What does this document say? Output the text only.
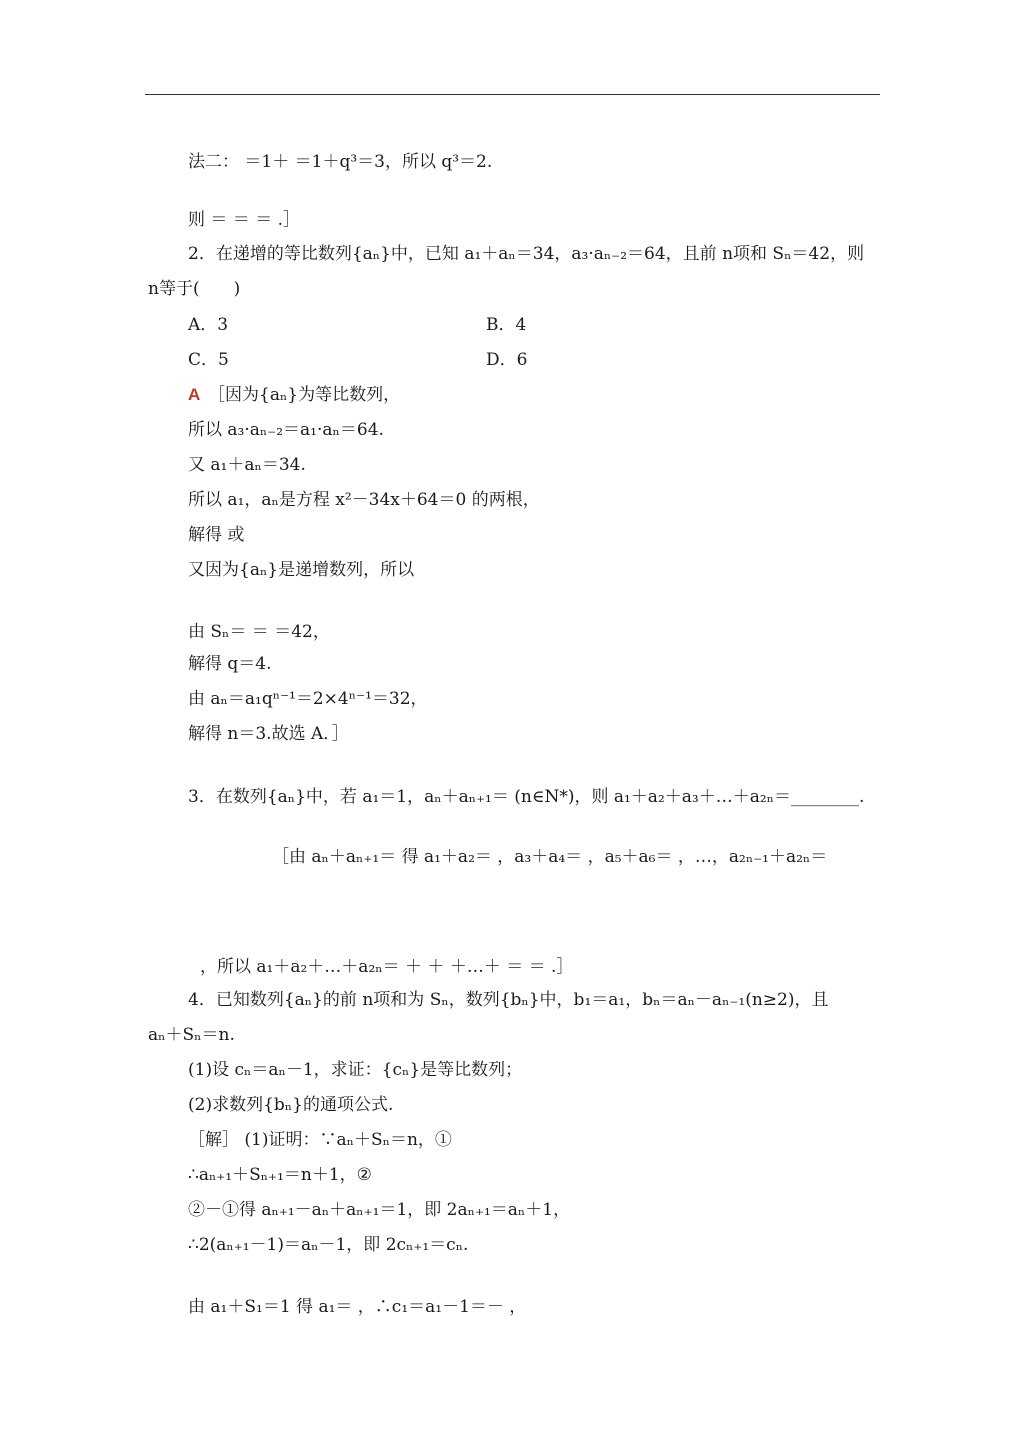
法二： ＝1＋ ＝1＋q³＝3，所以 q³＝2.
则 ＝ ＝ ＝ .］
2．在递增的等比数列{aₙ}中，已知 a₁＋aₙ＝34，a₃·aₙ₋₂＝64，且前 n项和 Sₙ＝42，则
n等于(　　)
A．3	B．4
C．5	D．6
A ［因为{aₙ}为等比数列，
所以 a₃·aₙ₋₂＝a₁·aₙ＝64.
又 a₁＋aₙ＝34.
所以 a₁，aₙ是方程 x²－34x＋64＝0 的两根，
解得 或
又因为{aₙ}是递增数列，所以
由 Sₙ＝ ＝ ＝42，
解得 q＝4.
由 aₙ＝a₁qⁿ⁻¹＝2×4ⁿ⁻¹＝32，
解得 n＝3.故选 A．］
3．在数列{aₙ}中，若 a₁＝1，aₙ＋aₙ₊₁＝ (n∈N*)，则 a₁＋a₂＋a₃＋…＋a₂ₙ＝________.
［由 aₙ＋aₙ₊₁＝ 得 a₁＋a₂＝ ，a₃＋a₄＝ ，a₅＋a₆＝ ，…，a₂ₙ₋₁＋a₂ₙ＝
，所以 a₁＋a₂＋…＋a₂ₙ＝ ＋ ＋ ＋…＋ ＝ ＝ .］
4．已知数列{aₙ}的前 n项和为 Sₙ，数列{bₙ}中，b₁＝a₁，bₙ＝aₙ－aₙ₋₁(n≥2)，且
aₙ＋Sₙ＝n.
(1)设 cₙ＝aₙ－1，求证：{cₙ}是等比数列；
(2)求数列{bₙ}的通项公式.
［解］ (1)证明：∵aₙ＋Sₙ＝n，①
∴aₙ₊₁＋Sₙ₊₁＝n＋1，②
②－①得 aₙ₊₁－aₙ＋aₙ₊₁＝1，即 2aₙ₊₁＝aₙ＋1，
∴2(aₙ₊₁－1)＝aₙ－1，即 2cₙ₊₁＝cₙ.
由 a₁＋S₁＝1 得 a₁＝ ，∴c₁＝a₁－1＝－ ，
